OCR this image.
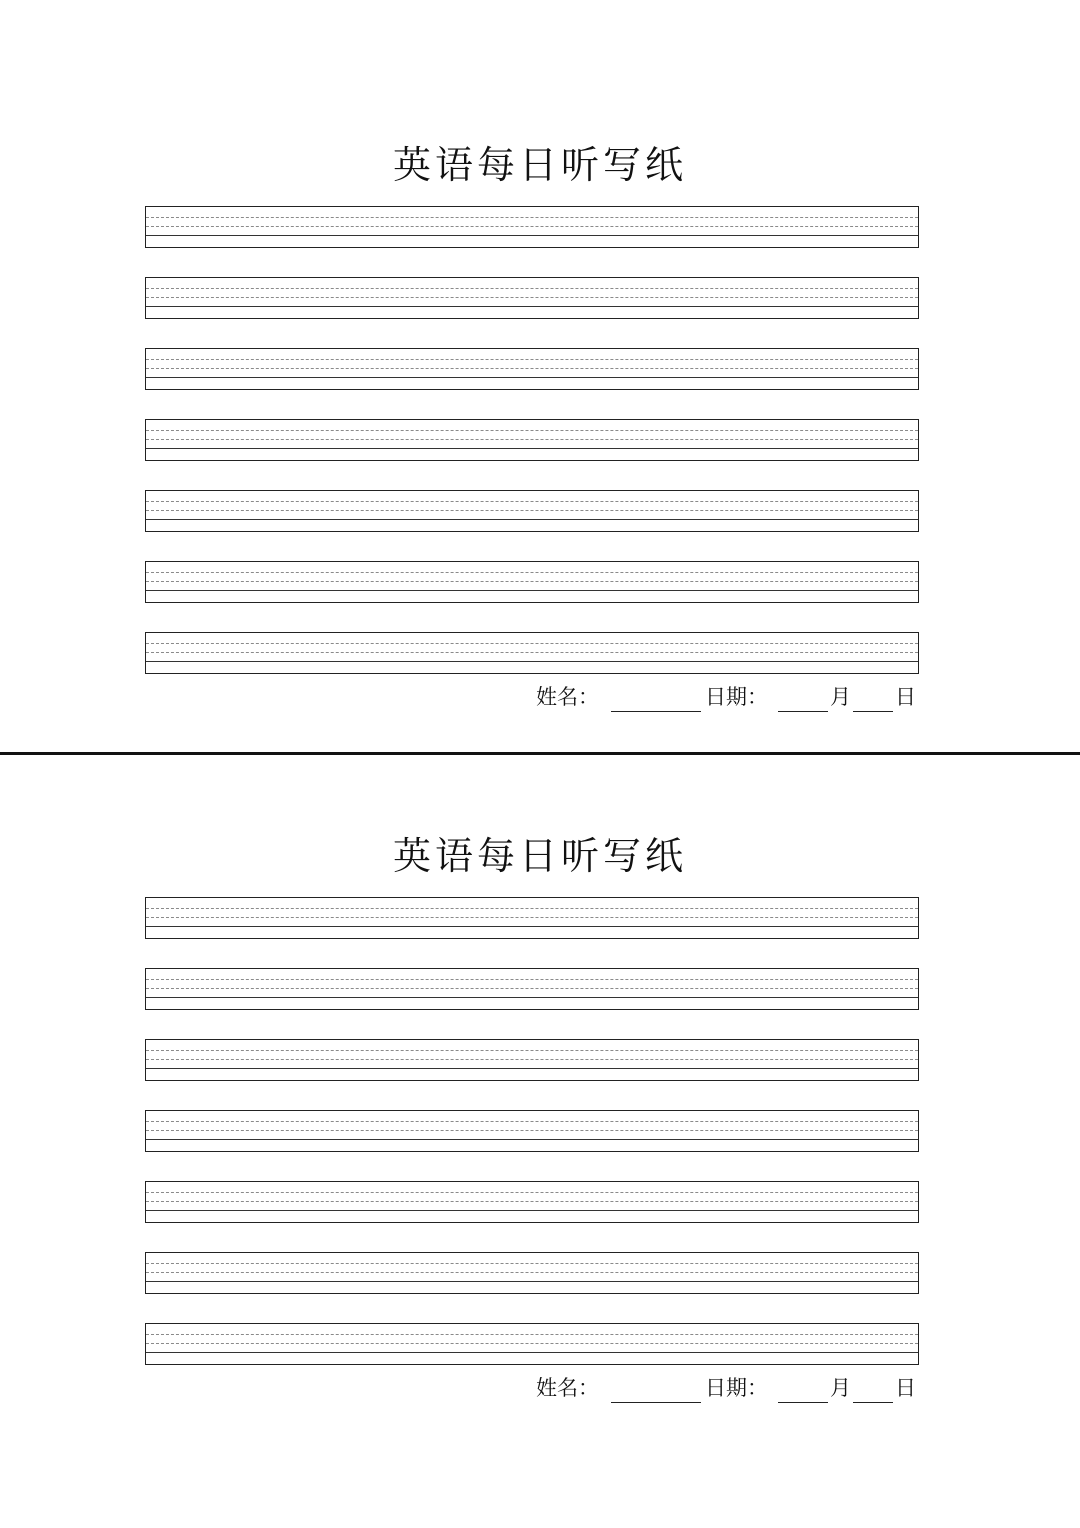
英语每日听写纸
姓名：	日期：	月 日
英语每日听写纸
姓名：	日期：	月 日
